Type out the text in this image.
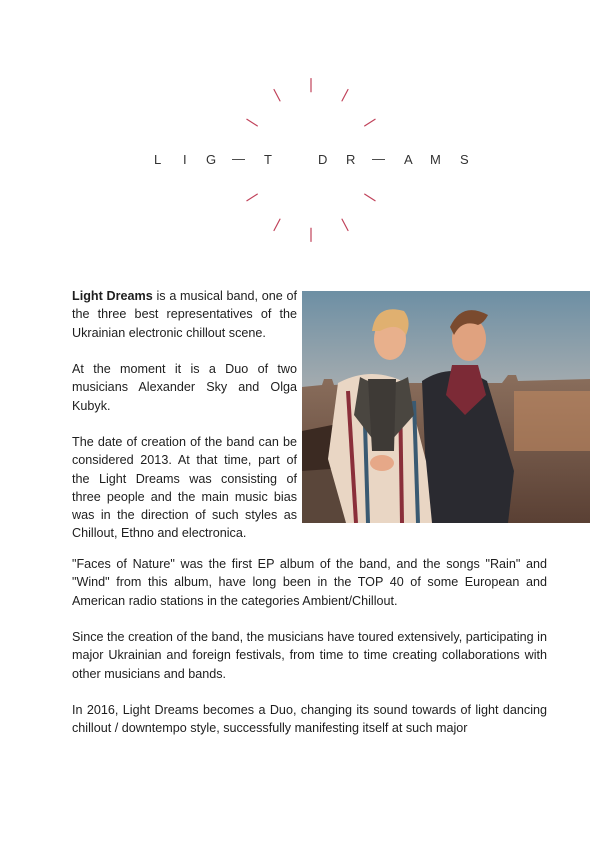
L I G — T	D R — A M S

Light Dreams is a musical band, one of the three best representatives of the Ukrainian electronic chillout scene.

At the moment it is a Duo of two musicians Alexander Sky and Olga Kubyk.

The date of creation of the band can be considered 2013. At that time, part of the Light Dreams was consisting of three people and the main music bias was in the direction of such styles as Chillout, Ethno and electronica.

"Faces of Nature" was the first EP album of the band, and the songs "Rain" and "Wind" from this album, have long been in the TOP 40 of some European and American radio stations in the categories Ambient/Chillout.

Since the creation of the band, the musicians have toured extensively, participating in major Ukrainian and foreign festivals, from time to time creating collaborations with other musicians and bands.

In 2016, Light Dreams becomes a Duo, changing its sound towards of light dancing chillout / downtempo style, successfully manifesting itself at such major
